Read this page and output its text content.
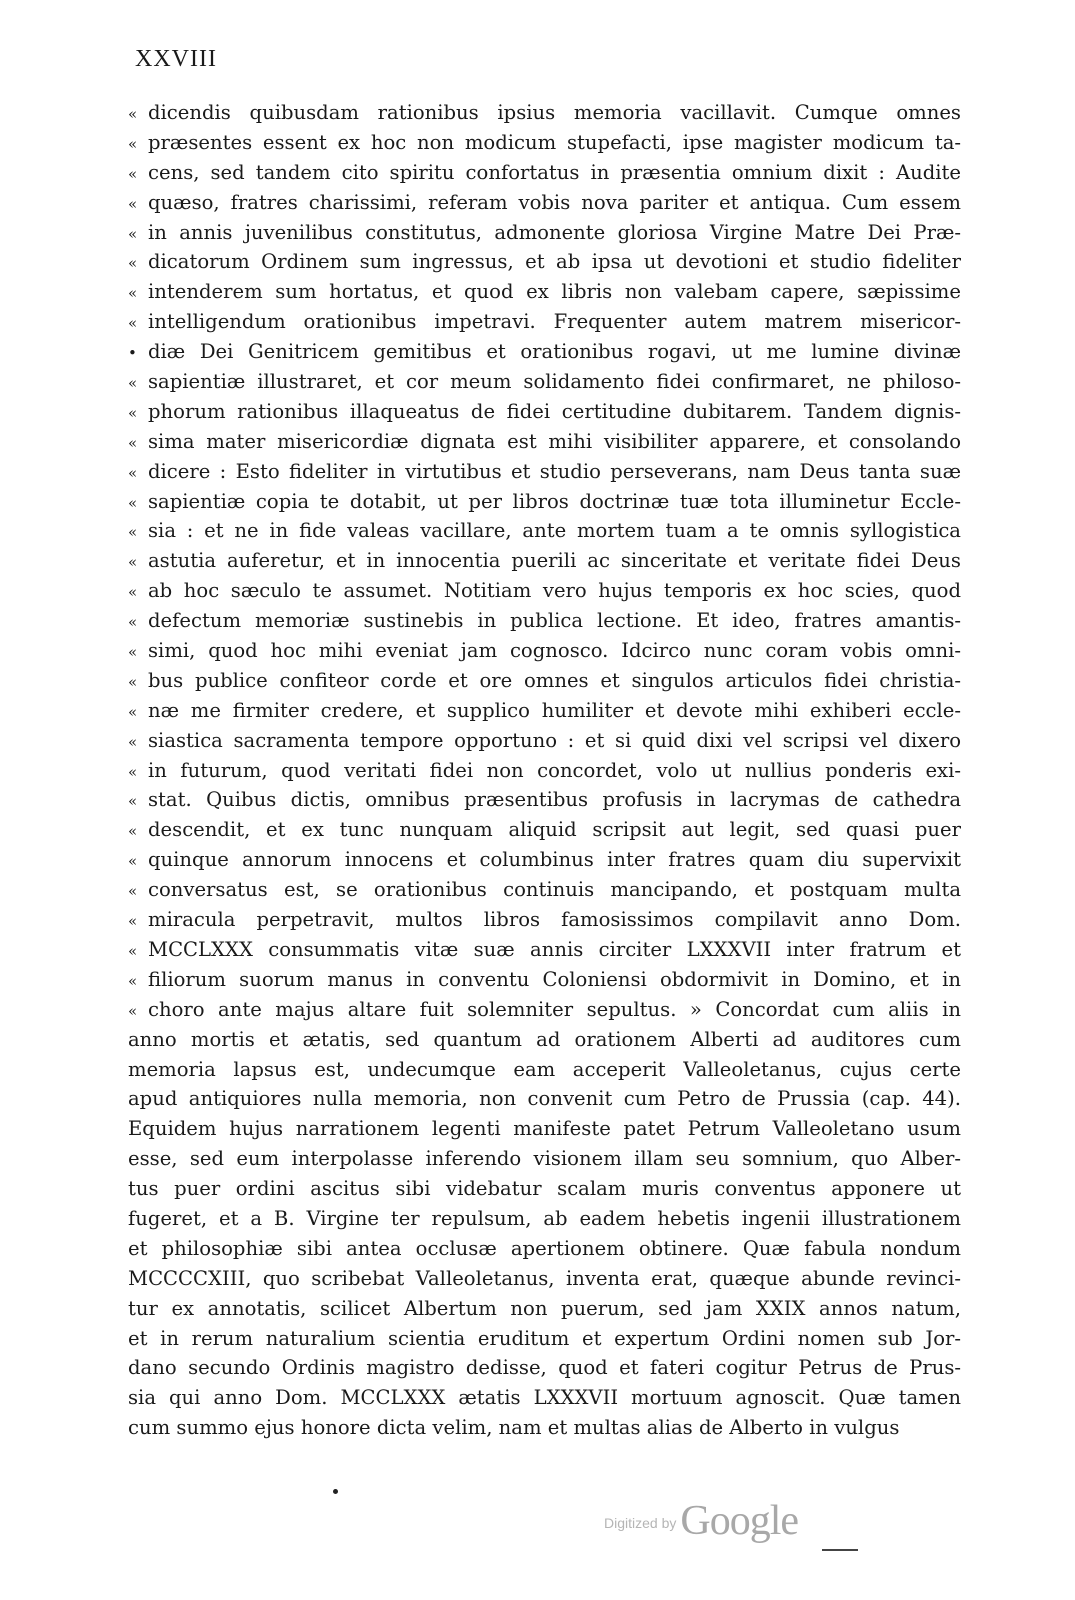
XXVIII
« dicendis quibusdam rationibus ipsius memoria vacillavit. Cumque omnes
« præsentes essent ex hoc non modicum stupefacti, ipse magister modicum ta-
« cens, sed tandem cito spiritu confortatus in præsentia omnium dixit : Audite
« quæso, fratres charissimi, referam vobis nova pariter et antiqua. Cum essem
« in annis juvenilibus constitutus, admonente gloriosa Virgine Matre Dei Præ-
« dicatorum Ordinem sum ingressus, et ab ipsa ut devotioni et studio fideliter
« intenderem sum hortatus, et quod ex libris non valebam capere, sæpissime
« intelligendum orationibus impetravi. Frequenter autem matrem misericor-
• diæ Dei Genitricem gemitibus et orationibus rogavi, ut me lumine divinæ
« sapientiæ illustraret, et cor meum solidamento fidei confirmaret, ne philoso-
« phorum rationibus illaqueatus de fidei certitudine dubitarem. Tandem dignis-
« sima mater misericordiæ dignata est mihi visibiliter apparere, et consolando
« dicere : Esto fideliter in virtutibus et studio perseverans, nam Deus tanta suæ
« sapientiæ copia te dotabit, ut per libros doctrinæ tuæ tota illuminetur Eccle-
« sia : et ne in fide valeas vacillare, ante mortem tuam a te omnis syllogistica
« astutia auferetur, et in innocentia puerili ac sinceritate et veritate fidei Deus
« ab hoc sæculo te assumet. Notitiam vero hujus temporis ex hoc scies, quod
« defectum memoriæ sustinebis in publica lectione. Et ideo, fratres amantis-
« simi, quod hoc mihi eveniat jam cognosco. Idcirco nunc coram vobis omni-
« bus publice confiteor corde et ore omnes et singulos articulos fidei christia-
« næ me firmiter credere, et supplico humiliter et devote mihi exhiberi eccle-
« siastica sacramenta tempore opportuno : et si quid dixi vel scripsi vel dixero
« in futurum, quod veritati fidei non concordet, volo ut nullius ponderis exi-
« stat. Quibus dictis, omnibus præsentibus profusis in lacrymas de cathedra
« descendit, et ex tunc nunquam aliquid scripsit aut legit, sed quasi puer
« quinque annorum innocens et columbinus inter fratres quam diu supervixit
« conversatus est, se orationibus continuis mancipando, et postquam multa
« miracula perpetravit, multos libros famosissimos compilavit anno Dom.
« MCCLXXX consummatis vitæ suæ annis circiter LXXXVII inter fratrum et
« filiorum suorum manus in conventu Coloniensi obdormivit in Domino, et in
« choro ante majus altare fuit solemniter sepultus. » Concordat cum aliis in
anno mortis et ætatis, sed quantum ad orationem Alberti ad auditores cum
memoria lapsus est, undecumque eam acceperit Valleoletanus, cujus certe
apud antiquiores nulla memoria, non convenit cum Petro de Prussia (cap. 44).
Equidem hujus narrationem legenti manifeste patet Petrum Valleoletano usum
esse, sed eum interpolasse inferendo visionem illam seu somnium, quo Alber-
tus puer ordini ascitus sibi videbatur scalam muris conventus apponere ut
fugeret, et a B. Virgine ter repulsum, ab eadem hebetis ingenii illustrationem
et philosophiæ sibi antea occlusæ apertionem obtinere. Quæ fabula nondum
MCCCCXIII, quo scribebat Valleoletanus, inventa erat, quæque abunde revinci-
tur ex annotatis, scilicet Albertum non puerum, sed jam XXIX annos natum,
et in rerum naturalium scientia eruditum et expertum Ordini nomen sub Jor-
dano secundo Ordinis magistro dedisse, quod et fateri cogitur Petrus de Prus-
sia qui anno Dom. MCCLXXX ætatis LXXXVII mortuum agnoscit. Quæ tamen
cum summo ejus honore dicta velim, nam et multas alias de Alberto in vulgus
Digitized byGoogle
